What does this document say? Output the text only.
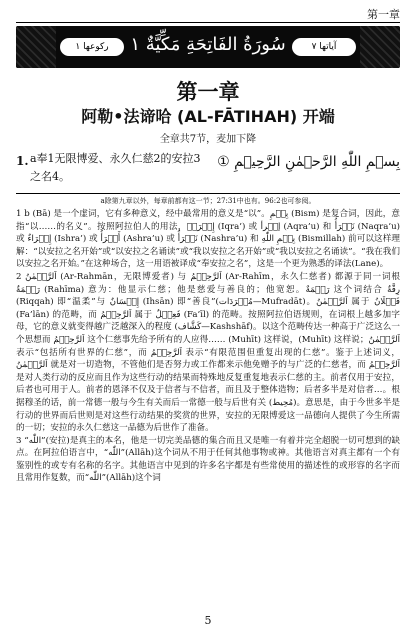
第一章
رکوعها ١	سُورَةُ الفَاتِحَةِ مَكِّيَّةٌ ١	آياتها ٧
第一章
阿勒•法谛哈 (AL-FĀTIHAH) 开端
全章共7节，麦加下降
1. a奉1无限博爱、永久仁慈2的安拉3之名4。
بِسۡمِ اللّٰهِ الرَّحۡمٰنِ الرَّحِيۡمِ ①
a除第九章以外，每章前都有这一节；27:31中也有。96:2也可参阅。

1 b (Bā) 是一个虚词，它有多种意义，经中最常用的意义是“以”。بِسۡمِ (Bism) 是复合词，因此，意指“以……的名义”。按照阿拉伯人的用法，إِقۡرَأۡ (Iqra’) 或 إقۡرأ (Aqra’u) 和 نَقۡرَأُ (Naqra’u) 或 إِسۡرَاءٌ (Ishra’) 或 أَسۡرَأُ (Ashra’u) 或 نَشۡرَأُ (Nashra’u) 和 بِسۡمِ اللّٰهِ (Bismillah) 前可以这样理解：“以安拉之名开始”或“以安拉之名诵读”或“我以安拉之名开始”或“我以安拉之名诵读”。“我在我们以安拉之名开始。”在这种场合，这一用语被译成“奉安拉之名”，这是一个更为熟悉的译法(Lane)。

2 اَلرَّحۡمٰنُ (Ar-Rahmān，无限博爱者) 与 اَلرَّحِيۡمُ (Ar-Rahīm，永久仁慈者) 都源于同一词根 رَحۡمَةٌ (Rahīma) 意为：他显示仁慈；他是慈爱与善良的；他宽恕。رَحۡمَةٌ 这个词结合 رِقَّةٌ (Riqqah) 即“温柔”与 إِحۡسَانٌ (Ihsān) 即“善良”(مُفۡرَدَات—Mufradāt)。اَلرَّحۡمٰنُ 属于 فَعۡلَانُ (Fa’lān) 的范畴，而 اَلرَّحِيۡمُ 属于 فَعِيۡلٌ (Fa’īl) 的范畴。按照阿拉伯语规则，在词根上越多加字母，它的意义就变得越广泛越深入的程度 (كَشَّاف—Kashshāf)。以这个范畴传达一种高于广泛这么一个思想而 اَلرَّحِيۡمُ 这个仁慈事先给予所有的人应得…… (Muhīt) 这样说，(Muhīt) 这样说；اَلرَّحۡمٰنُ 表示“包括所有世界的仁慈”，而 اَلرَّحِيۡمُ 表示“有限范围但重复出现的仁慈”。鉴于上述词义，اَلرَّحۡمٰنُ 就是对一切造物，不管他们是否努力或工作都来示他免赠予的与广泛的仁慈者，而 اَلرَّحِيۡمُ 是对人类行动的反应而且作为这些行动的结果而特殊地反复重复地表示仁慈的主。前者仅用于安拉，后者也可用于人。前者的恩泽不仅及于信者与不信者，而且及于整体造物；后者多半是对信者…。根据穆圣的话，前一常德一般与今生有关而后一常德一般与后世有关 (مُحِيط)。意思是，由于今世多半是行动的世界而后世则是对这些行动结果的奖赏的世界，安拉的无限博爱这一品德向人提供了今生所需的一切；安拉的永久仁慈这一品德为后世作了准备。

3 “اللّٰه”(安拉)是真主的本名，他是一切完美品德的集合而且又是唯一有着并完全超脱一切可想到的缺点。在阿拉伯语言中，“اللّٰه”(Allāh)这个词从不用于任何其他事物或神。其他语言对真主都有一个有鉴别性的或专有名称的名字。其他语言中见到的许多名字都是有些常使用的描述性的或形容的名字而且常用作复数，而“اللّٰه”(Allāh)这个词

5
